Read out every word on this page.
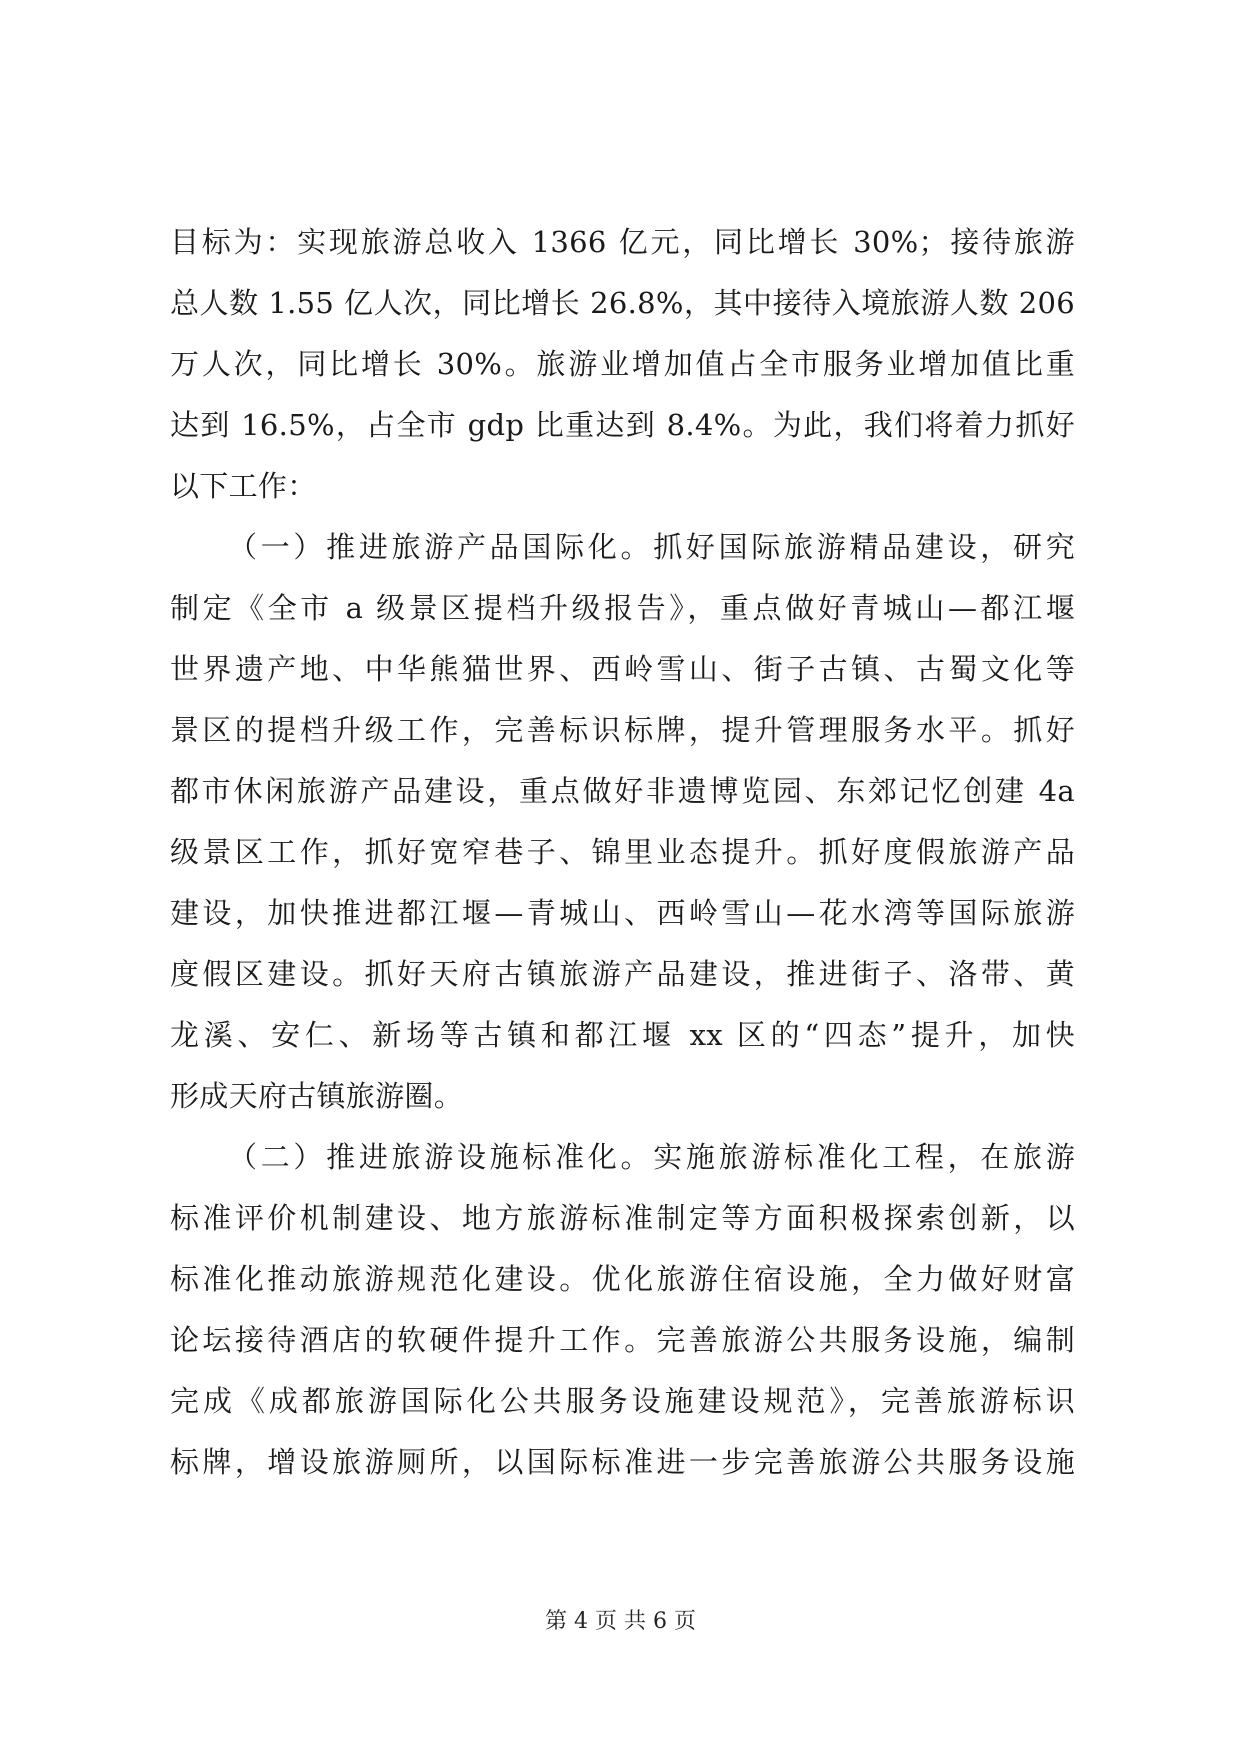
目标为：实现旅游总收入 1366 亿元，同比增长 30%；接待旅游
总人数 1.55 亿人次，同比增长 26.8%，其中接待入境旅游人数 206
万人次，同比增长 30%。旅游业增加值占全市服务业增加值比重
达到 16.5%，占全市 gdp 比重达到 8.4%。为此，我们将着力抓好
以下工作：
（一）推进旅游产品国际化。抓好国际旅游精品建设，研究
制定《全市 a 级景区提档升级报告》，重点做好青城山—都江堰
世界遗产地、中华熊猫世界、西岭雪山、街子古镇、古蜀文化等
景区的提档升级工作，完善标识标牌，提升管理服务水平。抓好
都市休闲旅游产品建设，重点做好非遗博览园、东郊记忆创建 4a
级景区工作，抓好宽窄巷子、锦里业态提升。抓好度假旅游产品
建设，加快推进都江堰—青城山、西岭雪山—花水湾等国际旅游
度假区建设。抓好天府古镇旅游产品建设，推进街子、洛带、黄
龙溪、安仁、新场等古镇和都江堰 xx 区的“四态”提升，加快
形成天府古镇旅游圈。
（二）推进旅游设施标准化。实施旅游标准化工程，在旅游
标准评价机制建设、地方旅游标准制定等方面积极探索创新，以
标准化推动旅游规范化建设。优化旅游住宿设施，全力做好财富
论坛接待酒店的软硬件提升工作。完善旅游公共服务设施，编制
完成《成都旅游国际化公共服务设施建设规范》，完善旅游标识
标牌，增设旅游厕所，以国际标准进一步完善旅游公共服务设施
第 4 页 共 6 页
